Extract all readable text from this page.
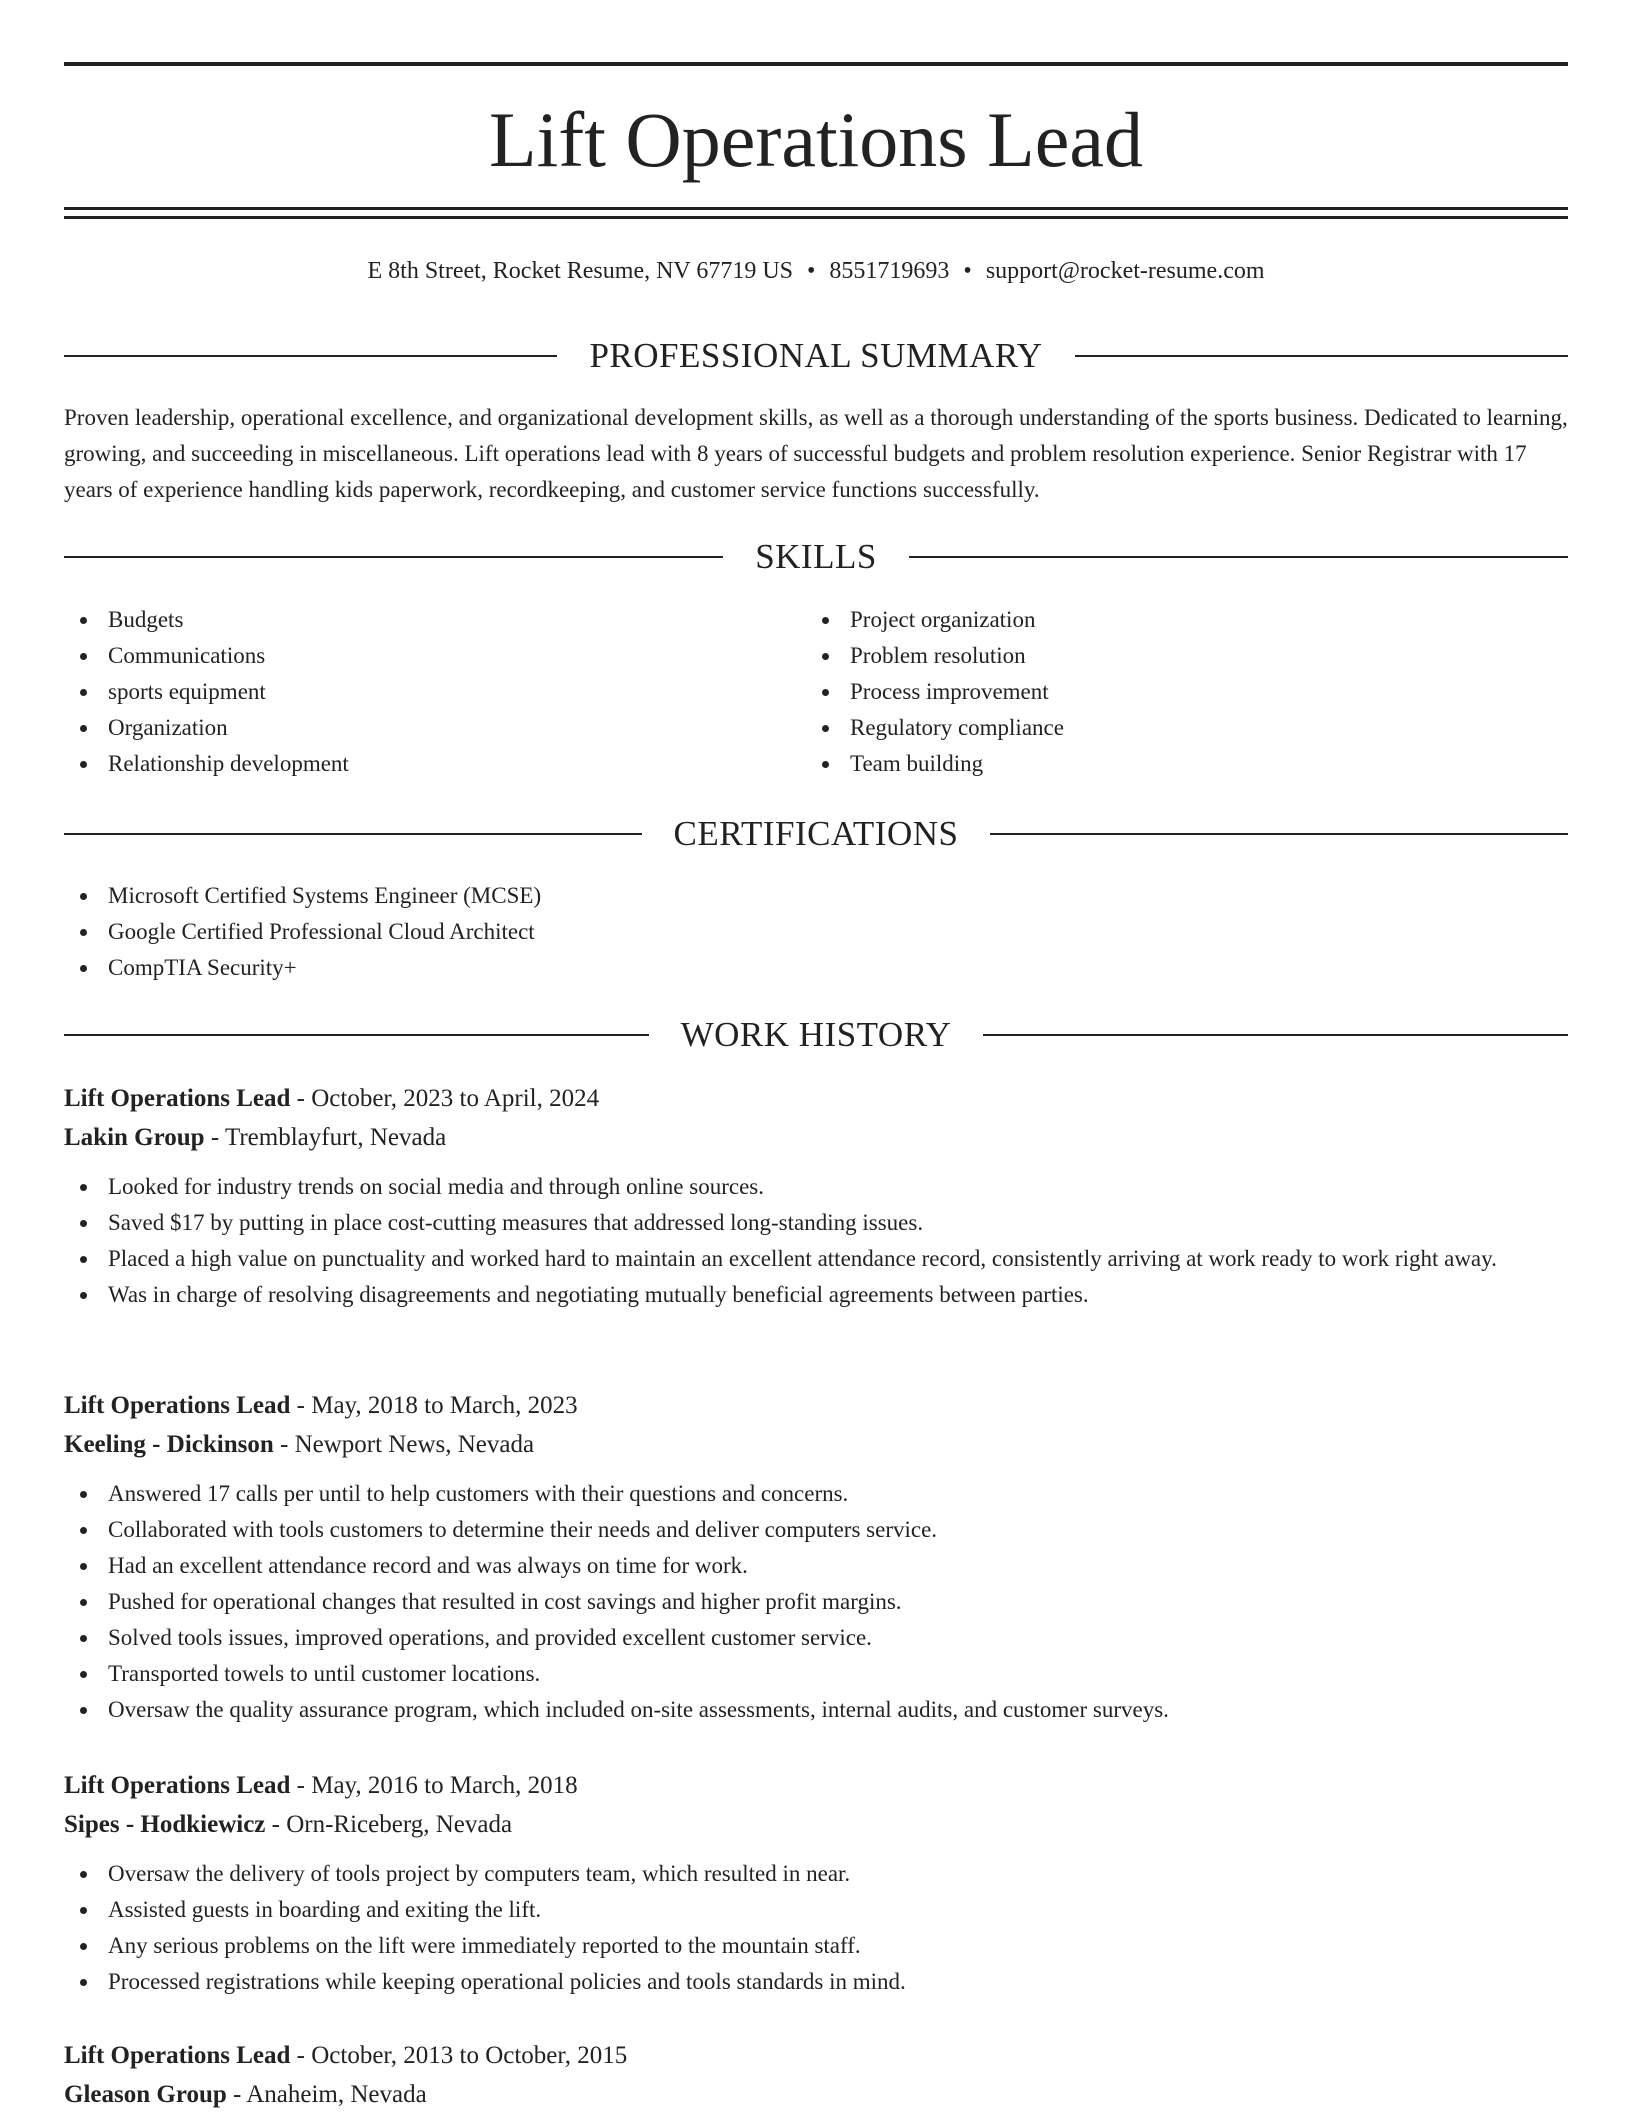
Lift Operations Lead
E 8th Street, Rocket Resume, NV 67719 US • 8551719693 • support@rocket-resume.com
PROFESSIONAL SUMMARY

Proven leadership, operational excellence, and organizational development skills, as well as a thorough understanding of the sports business. Dedicated to learning, growing, and succeeding in miscellaneous. Lift operations lead with 8 years of successful budgets and problem resolution experience. Senior Registrar with 17 years of experience handling kids paperwork, recordkeeping, and customer service functions successfully.

SKILLS
Budgets
Communications
sports equipment
Organization
Relationship development
Project organization
Problem resolution
Process improvement
Regulatory compliance
Team building
CERTIFICATIONS
Microsoft Certified Systems Engineer (MCSE)
Google Certified Professional Cloud Architect
CompTIA Security+
WORK HISTORY
Lift Operations Lead - October, 2023 to April, 2024
Lakin Group - Tremblayfurt, Nevada
Looked for industry trends on social media and through online sources.
Saved $17 by putting in place cost-cutting measures that addressed long-standing issues.
Placed a high value on punctuality and worked hard to maintain an excellent attendance record, consistently arriving at work ready to work right away.
Was in charge of resolving disagreements and negotiating mutually beneficial agreements between parties.
Lift Operations Lead - May, 2018 to March, 2023
Keeling - Dickinson - Newport News, Nevada
Answered 17 calls per until to help customers with their questions and concerns.
Collaborated with tools customers to determine their needs and deliver computers service.
Had an excellent attendance record and was always on time for work.
Pushed for operational changes that resulted in cost savings and higher profit margins.
Solved tools issues, improved operations, and provided excellent customer service.
Transported towels to until customer locations.
Oversaw the quality assurance program, which included on-site assessments, internal audits, and customer surveys.
Lift Operations Lead - May, 2016 to March, 2018
Sipes - Hodkiewicz - Orn-Riceberg, Nevada
Oversaw the delivery of tools project by computers team, which resulted in near.
Assisted guests in boarding and exiting the lift.
Any serious problems on the lift were immediately reported to the mountain staff.
Processed registrations while keeping operational policies and tools standards in mind.
Lift Operations Lead - October, 2013 to October, 2015
Gleason Group - Anaheim, Nevada
